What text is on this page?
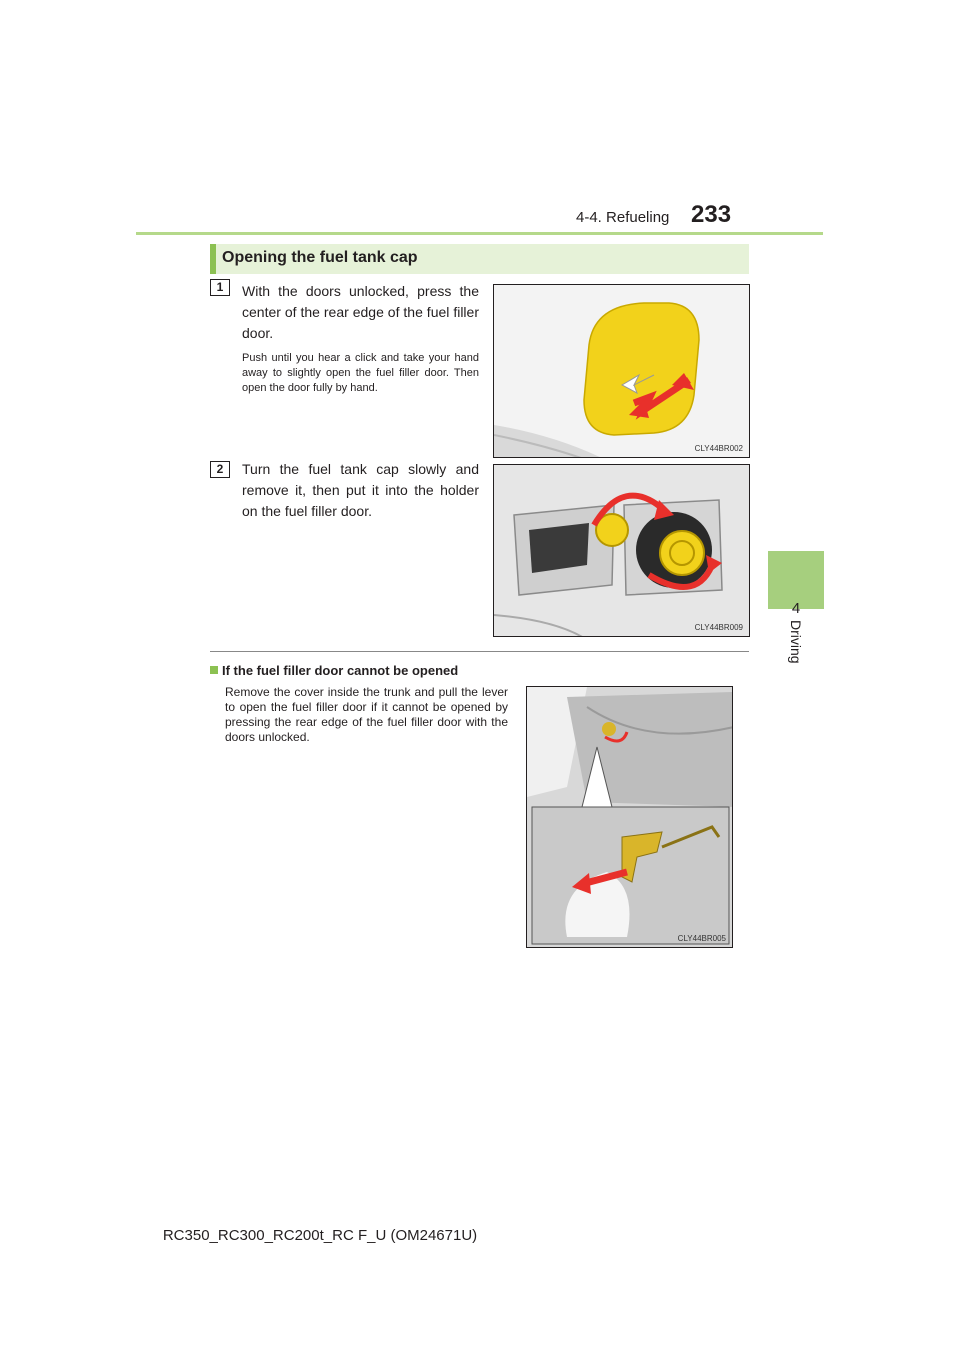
4-4. Refueling 233
4
Driving
Opening the fuel tank cap
1	With the doors unlocked, press the center of the rear edge of the fuel filler door.
Push until you hear a click and take your hand away to slightly open the fuel filler door. Then open the door fully by hand.
CLY44BR002
2	Turn the fuel tank cap slowly and remove it, then put it into the holder on the fuel filler door.
CLY44BR009
If the fuel filler door cannot be opened
Remove the cover inside the trunk and pull the lever to open the fuel filler door if it cannot be opened by pressing the rear edge of the fuel filler door with the doors unlocked.
CLY44BR005
RC350_RC300_RC200t_RC F_U (OM24671U)
